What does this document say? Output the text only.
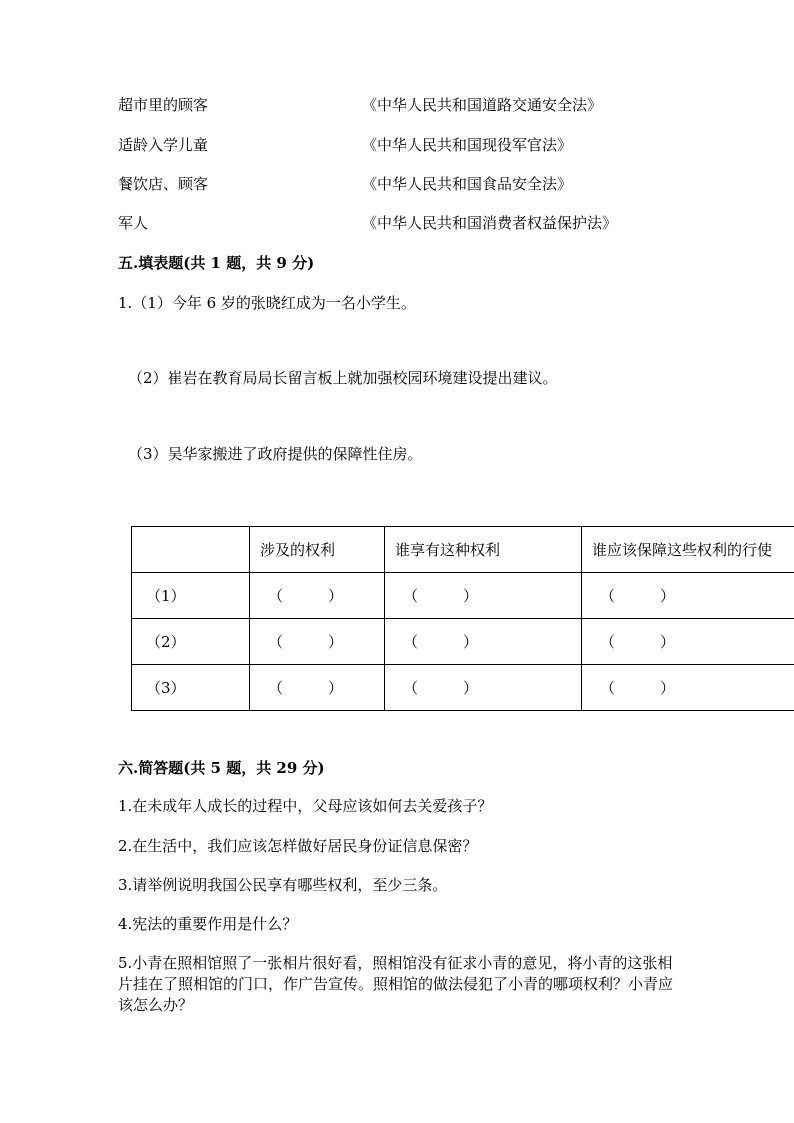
超市里的顾客	《中华人民共和国道路交通安全法》
适龄入学儿童	《中华人民共和国现役军官法》
餐饮店、顾客	《中华人民共和国食品安全法》
军人	《中华人民共和国消费者权益保护法》
五.填表题(共 1 题，共 9 分)
1.（1）今年 6 岁的张晓红成为一名小学生。
（2）崔岩在教育局局长留言板上就加强校园环境建设提出建议。
（3）吴华家搬进了政府提供的保障性住房。
	涉及的权利	谁享有这种权利	谁应该保障这些权利的行使
（1）	（　　　）	（　　　）	（　　　）
（2）	（　　　）	（　　　）	（　　　）
（3）	（　　　）	（　　　）	（　　　）
六.简答题(共 5 题，共 29 分)
1.在未成年人成长的过程中，父母应该如何去关爱孩子？
2.在生活中，我们应该怎样做好居民身份证信息保密？
3.请举例说明我国公民享有哪些权利，至少三条。
4.宪法的重要作用是什么？
5.小青在照相馆照了一张相片很好看，照相馆没有征求小青的意见，将小青的这张相片挂在了照相馆的门口，作广告宣传。照相馆的做法侵犯了小青的哪项权利？小青应该怎么办？
